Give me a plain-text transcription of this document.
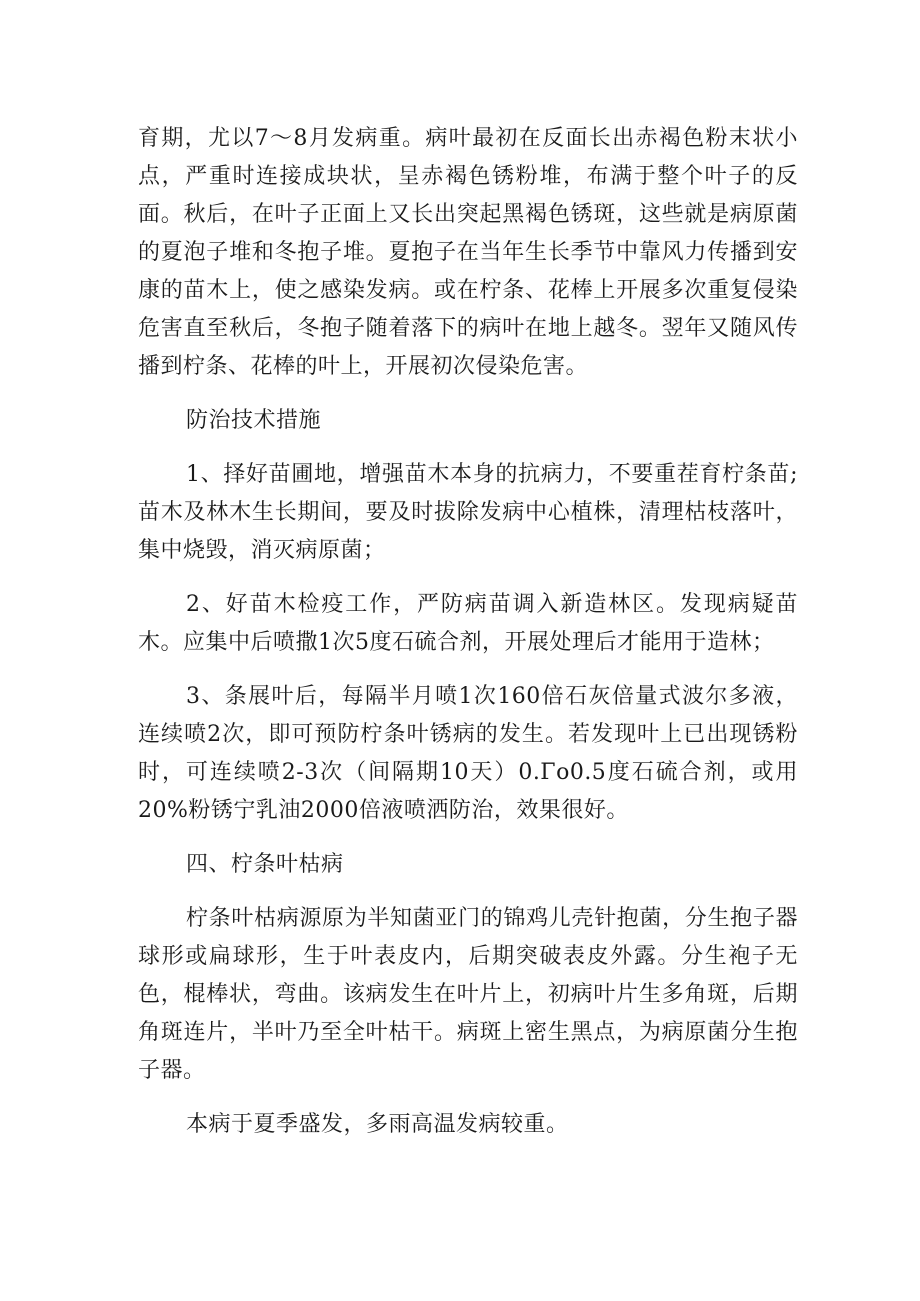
育期，尤以7～8月发病重。病叶最初在反面长出赤褐色粉末状小点，严重时连接成块状，呈赤褐色锈粉堆，布满于整个叶子的反面。秋后，在叶子正面上又长出突起黑褐色锈斑，这些就是病原菌的夏泡子堆和冬抱子堆。夏抱子在当年生长季节中靠风力传播到安康的苗木上，使之感染发病。或在柠条、花棒上开展多次重复侵染危害直至秋后，冬抱子随着落下的病叶在地上越冬。翌年又随风传播到柠条、花棒的叶上，开展初次侵染危害。

防治技术措施

1、择好苗圃地，增强苗木本身的抗病力，不要重茬育柠条苗;苗木及林木生长期间，要及时拔除发病中心植株，清理枯枝落叶，集中烧毁，消灭病原菌；

2、好苗木检疫工作，严防病苗调入新造林区。发现病疑苗木。应集中后喷撒1次5度石硫合剂，开展处理后才能用于造林；

3、条展叶后，每隔半月喷1次160倍石灰倍量式波尔多液，连续喷2次，即可预防柠条叶锈病的发生。若发现叶上已出现锈粉时，可连续喷2-3次（间隔期10天）0.Γo0.5度石硫合剂，或用20%粉锈宁乳油2000倍液喷洒防治，效果很好。

四、柠条叶枯病

柠条叶枯病源原为半知菌亚门的锦鸡儿壳针抱菌，分生抱子器球形或扁球形，生于叶表皮内，后期突破表皮外露。分生袍子无色，棍棒状，弯曲。该病发生在叶片上，初病叶片生多角斑，后期角斑连片，半叶乃至全叶枯干。病斑上密生黑点，为病原菌分生抱子器。

本病于夏季盛发，多雨高温发病较重。
